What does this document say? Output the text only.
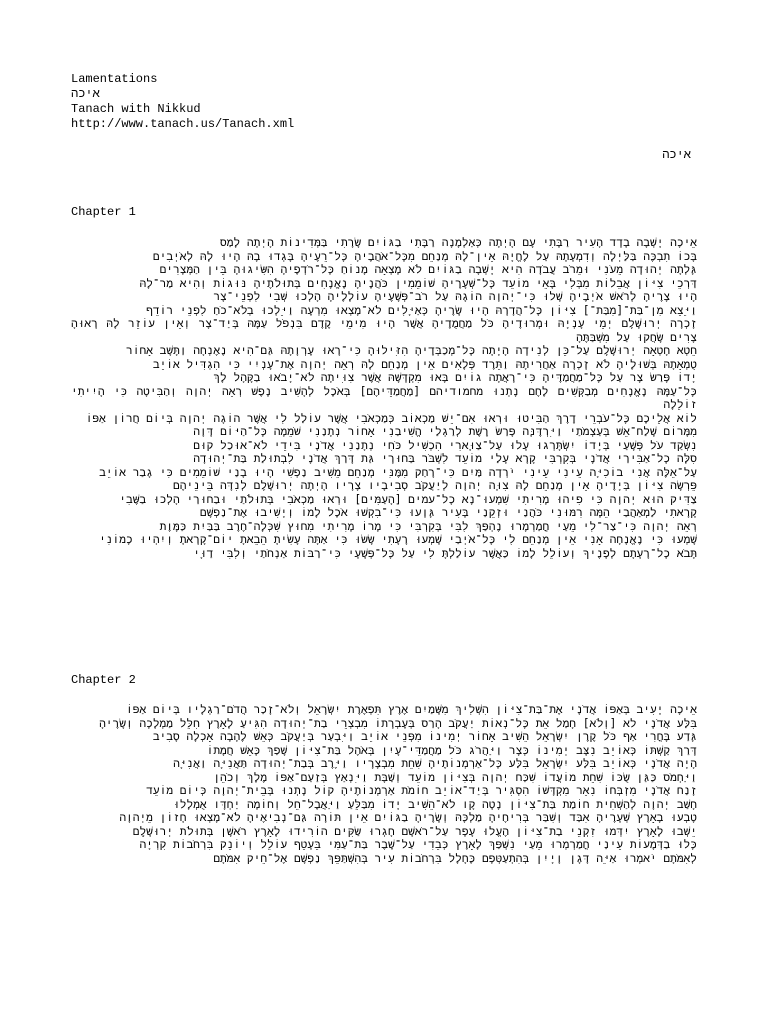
Lamentations
איכה
Tanach with Nikkud
http://www.tanach.us/Tanach.xml
איכה
Chapter 1
אֵיכָה יָשְׁבָה בָדָד הָעִיר רַבָּתִי עָם הָיְתָה כְּאַלְמָנָה רַבָּתִי בַגּוֹיִם שָׂרָתִי בַּמְּדִינוֹת הָיְתָה לָמַס
בָּכוֹ תִבְכֶּה בַּלַּיְלָה וְדִמְעָתָהּ עַל לֶחֱיָהּ אֵין־לָהּ מְנַחֵם מִכָּל־אֹהֲבֶיהָ כָּל־רֵעֶיהָ בָּגְדוּ בָהּ הָיוּ לָהּ לְאֹיְבִים
גָּלְתָה יְהוּדָה מֵעֹנִי וּמֵרֹב עֲבֹדָה הִיא יָשְׁבָה בַגּוֹיִם לֹא מָצְאָה מָנוֹחַ כָּל־רֹדְפֶיהָ הִשִּׂיגוּהָ בֵּין הַמְּצָרִים
דַּרְכֵי צִיּוֹן אֲבֵלוֹת מִבְּלִי בָּאֵי מוֹעֵד כָּל־שְׁעָרֶיהָ שׁוֹמֵמִין כֹּהֲנֶיהָ נֶאֱנָחִים בְּתוּלֹתֶיהָ נּוּגוֹת וְהִיא מַר־לָהּ
הָיוּ צָרֶיהָ לְרֹאשׁ אֹיְבֶיהָ שָׁלוּ כִּי־יְהוָה הוֹגָהּ עַל רֹב־פְּשָׁעֶיהָ עוֹלָלֶיהָ הָלְכוּ שְׁבִי לִפְנֵי־צָר
וַיֵּצֵא מִן־בַּת־[מִבַּת־] צִיּוֹן כָּל־הֲדָרָהּ הָיוּ שָׂרֶיהָ כְּאַיָּלִים לֹא־מָצְאוּ מִרְעֶה וַיֵּלְכוּ בְלֹא־כֹחַ לִפְנֵי רוֹדֵף
זָכְרָה יְרוּשָׁלַ‍ִם יְמֵי עָנְיָהּ וּמְרוּדֶיהָ כֹּל מַחֲמֻדֶיהָ אֲשֶׁר הָיוּ מִימֵי קֶדֶם בִּנְפֹל עַמָּהּ בְּיַד־צָר וְאֵין עוֹזֵר לָהּ רָאוּהָ צָרִים שָׂחֲקוּ עַל מִשְׁבַּתֶּהָ
חֵטְא חָטְאָה יְרוּשָׁלַ‍ִם עַל־כֵּן לְנִידָה הָיָתָה כָּל־מְכַבְּדֶיהָ הִזִּילוּהָ כִּי־רָאוּ עֶרְוָתָהּ גַּם־הִיא נֶאֶנְחָה וַתָּשָׁב אָחוֹר
טֻמְאָתָהּ בְּשׁוּלֶיהָ לֹא זָכְרָה אַחֲרִיתָהּ וַתֵּרֶד פְּלָאִים אֵין מְנַחֵם לָהּ רְאֵה יְהוָה אֶת־עָנְיִי כִּי הִגְדִּיל אוֹיֵב
יָדוֹ פָּרַשׂ צָר עַל כָּל־מַחֲמַדֶּיהָ כִּי־רָאֲתָה גוֹיִם בָּאוּ מִקְדָּשָׁהּ אֲשֶׁר צִוִּיתָה לֹא־יָבֹאוּ בַקָּהָל לָךְ
כָּל־עַמָּהּ נֶאֱנָחִים מְבַקְּשִׁים לֶחֶם נָתְנוּ מחמודיהם [מַחֲמַדֵּיהֶם] בְּאֹכֶל לְהָשִׁיב נָפֶשׁ רְאֵה יְהוָה וְהַבִּיטָה כִּי הָיִיתִי זוֹלֵלָה
לוֹא אֲלֵיכֶם כָּל־עֹבְרֵי דֶרֶךְ הַבִּיטוּ וּרְאוּ אִם־יֵשׁ מַכְאוֹב כְּמַכְאֹבִי אֲשֶׁר עוֹלַל לִי אֲשֶׁר הוֹגָה יְהוָה בְּיוֹם חֲרוֹן אַפּוֹ
מִמָּרוֹם שָׁלַח־אֵשׁ בְּעַצְמֹתַי וַיִּרְדֶּנָּה פָּרַשׂ רֶשֶׁת לְרַגְלַי הֱשִׁיבַנִי אָחוֹר נְתָנַנִי שֹׁמֵמָה כָּל־הַיּוֹם דָּוָה
נִשְׂקַד עֹל פְּשָׁעַי בְּיָדוֹ יִשְׂתָּרְגוּ עָלוּ עַל־צַוָּארִי הִכְשִׁיל כֹּחִי נְתָנַנִי אֲדֹנָי בִּידֵי לֹא־אוּכַל קוּם
סִלָּה כָל־אַבִּירַי אֲדֹנָי בְּקִרְבִּי קָרָא עָלַי מוֹעֵד לִשְׁבֹּר בַּחוּרָי גַּת דָּרַךְ אֲדֹנָי לִבְתוּלַת בַּת־יְהוּדָה
עַל־אֵלֶּה אֲנִי בוֹכִיָּה עֵינִי עֵינִי יֹרְדָה מַּיִם כִּי־רָחַק מִמֶּנִּי מְנַחֵם מֵשִׁיב נַפְשִׁי הָיוּ בָנַי שׁוֹמֵמִים כִּי גָבַר אוֹיֵב
פֵּרְשָׂה צִיּוֹן בְּיָדֶיהָ אֵין מְנַחֵם לָהּ צִוָּה יְהוָה לְיַעֲקֹב סְבִיבָיו צָרָיו הָיְתָה יְרוּשָׁלַ‍ִם לְנִדָּה בֵּינֵיהֶם
צַדִּיק הוּא יְהוָה כִּי פִיהוּ מָרִיתִי שִׁמְעוּ־נָא כָל־עמים [הָעַמִּים] וּרְאוּ מַכְאֹבִי בְּתוּלֹתַי וּבַחוּרַי הָלְכוּ בַשֶּׁבִי
קָרָאתִי לַמְאַהֲבַי הֵמָּה רִמּוּנִי כֹּהֲנַי וּזְקֵנַי בָּעִיר גָּוָעוּ כִּי־בִקְשׁוּ אֹכֶל לָמוֹ וְיָשִׁיבוּ אֶת־נַפְשָׁם
רְאֵה יְהוָה כִּי־צַר־לִי מֵעַי חֳמַרְמָרוּ נֶהְפַּךְ לִבִּי בְּקִרְבִּי כִּי מָרוֹ מָרִיתִי מִחוּץ שִׁכְּלָה־חֶרֶב בַּבַּיִת כַּמָּוֶת
שָׁמְעוּ כִּי נֶאֱנָחָה אָנִי אֵין מְנַחֵם לִי כָּל־אֹיְבַי שָׁמְעוּ רָעָתִי שָׂשׂוּ כִּי אַתָּה עָשִׂיתָ הֵבֵאתָ יוֹם־קָרָאתָ וְיִהְיוּ כָמוֹנִי
תָּבֹא כָל־רָעָתָם לְפָנֶיךָ וְעוֹלֵל לָמוֹ כַּאֲשֶׁר עוֹלַלְתָּ לִי עַל כָּל־פְּשָׁעָי כִּי־רַבּוֹת אַנְחֹתַי וְלִבִּי דַוָּי
Chapter 2
אֵיכָה יָעִיב בְּאַפּוֹ אֲדֹנָי אֶת־בַּת־צִיּוֹן הִשְׁלִיךְ מִשָּׁמַיִם אֶרֶץ תִּפְאֶרֶת יִשְׂרָאֵל וְלֹא־זָכַר הֲדֹם־רַגְלָיו בְּיוֹם אַפּוֹ
בִּלַּע אֲדֹנָי לא [וְלֹא] חָמַל אֵת כָּל־נְאוֹת יַעֲקֹב הָרַס בְּעֶבְרָתוֹ מִבְצְרֵי בַת־יְהוּדָה הִגִּיעַ לָאָרֶץ חִלֵּל מַמְלָכָה וְשָׂרֶיהָ
גָּדַע בָּחֳרִי אַף כֹּל קֶרֶן יִשְׂרָאֵל הֵשִׁיב אָחוֹר יְמִינוֹ מִפְּנֵי אוֹיֵב וַיִּבְעַר בְּיַעֲקֹב כְּאֵשׁ לֶהָבָה אָכְלָה סָבִיב
דָּרַךְ קַשְׁתּוֹ כְּאוֹיֵב נִצָּב יְמִינוֹ כְּצָר וַיַּהֲרֹג כֹּל מַחֲמַדֵּי־עָיִן בְּאֹהֶל בַּת־צִיּוֹן שָׁפַךְ כָּאֵשׁ חֲמָתוֹ
הָיָה אֲדֹנָי כְּאוֹיֵב בִּלַּע יִשְׂרָאֵל בִּלַּע כָּל־אַרְמְנוֹתֶיהָ שִׁחֵת מִבְצָרָיו וַיֶּרֶב בְּבַת־יְהוּדָה תַּאֲנִיָּה וַאֲנִיָּה
וַיַּחְמֹס כַּגַּן שֻׂכּוֹ שִׁחֵת מוֹעֲדוֹ שִׁכַּח יְהוָה בְּצִיּוֹן מוֹעֵד וְשַׁבָּת וַיִּנְאַץ בְּזַעַם־אַפּוֹ מֶלֶךְ וְכֹהֵן
זָנַח אֲדֹנָי מִזְבְּחוֹ נִאֵר מִקְדָּשׁוֹ הִסְגִּיר בְּיַד־אוֹיֵב חוֹמֹת אַרְמְנוֹתֶיהָ קוֹל נָתְנוּ בְּבֵית־יְהוָה כְּיוֹם מוֹעֵד
חָשַׁב יְהוָה לְהַשְׁחִית חוֹמַת בַּת־צִיּוֹן נָטָה קָו לֹא־הֵשִׁיב יָדוֹ מִבַּלֵּעַ וַיַּאֲבֶל־חֵל וְחוֹמָה יַחְדָּו אֻמְלָלוּ
טָבְעוּ בָאָרֶץ שְׁעָרֶיהָ אִבַּד וְשִׁבַּר בְּרִיחֶיהָ מַלְכָּהּ וְשָׂרֶיהָ בַגּוֹיִם אֵין תּוֹרָה גַּם־נְבִיאֶיהָ לֹא־מָצְאוּ חָזוֹן מֵיְהוָה
יֵשְׁבוּ לָאָרֶץ יִדְּמוּ זִקְנֵי בַת־צִיּוֹן הֶעֱלוּ עָפָר עַל־רֹאשָׁם חָגְרוּ שַׂקִּים הוֹרִידוּ לָאָרֶץ רֹאשָׁן בְּתוּלֹת יְרוּשָׁלָ‍ִם
כָּלוּ בַדְּמָעוֹת עֵינַי חֳמַרְמְרוּ מֵעַי נִשְׁפַּךְ לָאָרֶץ כְּבֵדִי עַל־שֶׁבֶר בַּת־עַמִּי בֵּעָטֵף עוֹלֵל וְיוֹנֵק בִּרְחֹבוֹת קִרְיָה
לְאִמֹּתָם יֹאמְרוּ אַיֵּה דָּגָן וָיָיִן בְּהִתְעַטְּפָם כֶּחָלָל בִּרְחֹבוֹת עִיר בְּהִשְׁתַּפֵּךְ נַפְשָׁם אֶל־חֵיק אִמֹּתָם
